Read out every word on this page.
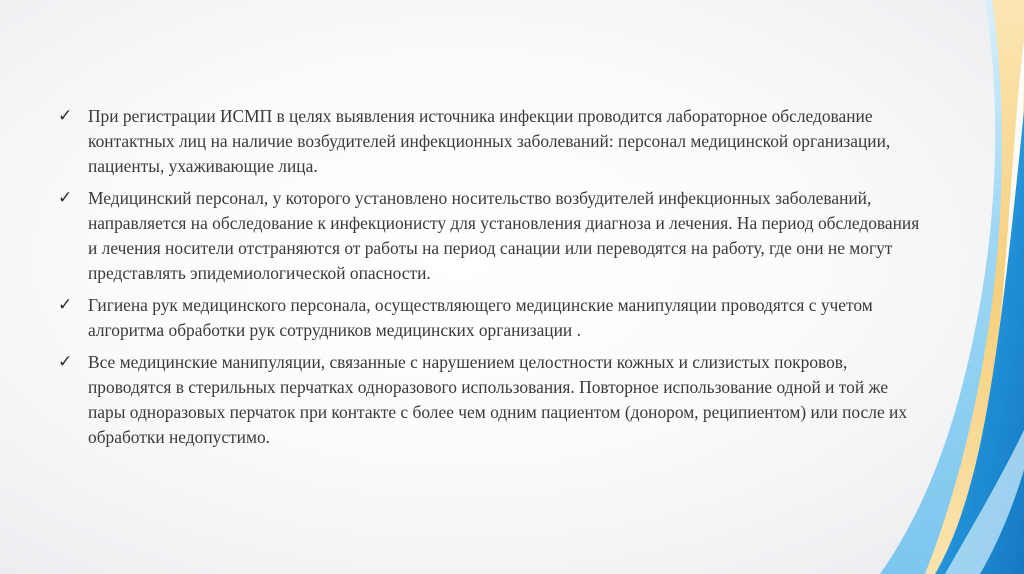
✓ При регистрации ИСМП в целях выявления источника инфекции проводится лабораторное обследование контактных лиц на наличие возбудителей инфекционных заболеваний: персонал медицинской организации, пациенты, ухаживающие лица.
✓ Медицинский персонал, у которого установлено носительство возбудителей инфекционных заболеваний, направляется на обследование к инфекционисту для установления диагноза и лечения. На период обследования и лечения носители отстраняются от работы на период санации или переводятся на работу, где они не могут представлять эпидемиологической опасности.
✓ Гигиена рук медицинского персонала, осуществляющего медицинские манипуляции проводятся с учетом алгоритма обработки рук сотрудников медицинских организации .
✓ Все медицинские манипуляции, связанные с нарушением целостности кожных и слизистых покровов, проводятся в стерильных перчатках одноразового использования. Повторное использование одной и той же пары одноразовых перчаток при контакте с более чем одним пациентом (донором, реципиентом) или после их обработки недопустимо.
